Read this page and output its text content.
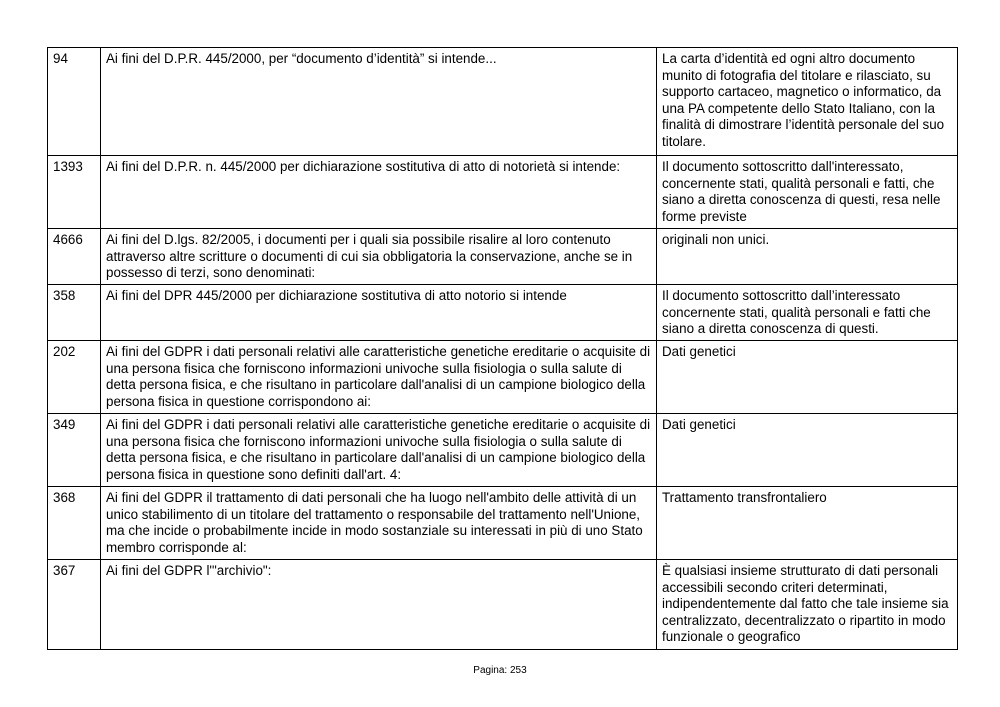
94	Ai fini del D.P.R. 445/2000, per “documento d’identità” si intende...	La carta d’identità ed ogni altro documento munito di fotografia del titolare e rilasciato, su supporto cartaceo, magnetico o informatico, da una PA competente dello Stato Italiano, con la finalità di dimostrare l’identità personale del suo titolare.
1393	Ai fini del D.P.R. n. 445/2000 per dichiarazione sostitutiva di atto di notorietà si intende:	Il documento sottoscritto dall'interessato, concernente stati, qualità personali e fatti, che siano a diretta conoscenza di questi, resa nelle forme previste
4666	Ai fini del D.lgs. 82/2005, i documenti per i quali sia possibile risalire al loro contenuto attraverso altre scritture o documenti di cui sia obbligatoria la conservazione, anche se in possesso di terzi, sono denominati:	originali non unici.
358	Ai fini del DPR 445/2000 per dichiarazione sostitutiva di atto notorio si intende	Il documento sottoscritto dall’interessato concernente stati, qualità personali e fatti che siano a diretta conoscenza di questi.
202	Ai fini del GDPR i dati personali relativi alle caratteristiche genetiche ereditarie o acquisite di una persona fisica che forniscono informazioni univoche sulla fisiologia o sulla salute di detta persona fisica, e che risultano in particolare dall'analisi di un campione biologico della persona fisica in questione corrispondono ai:	Dati genetici
349	Ai fini del GDPR i dati personali relativi alle caratteristiche genetiche ereditarie o acquisite di una persona fisica che forniscono informazioni univoche sulla fisiologia o sulla salute di detta persona fisica, e che risultano in particolare dall'analisi di un campione biologico della persona fisica in questione sono definiti dall'art. 4:	Dati genetici
368	Ai fini del GDPR il trattamento di dati personali che ha luogo nell'ambito delle attività di un unico stabilimento di un titolare del trattamento o responsabile del trattamento nell'Unione, ma che incide o probabilmente incide in modo sostanziale su interessati in più di uno Stato membro corrisponde al:	Trattamento transfrontaliero
367	Ai fini del GDPR l'"archivio":	È qualsiasi insieme strutturato di dati personali accessibili secondo criteri determinati, indipendentemente dal fatto che tale insieme sia centralizzato, decentralizzato o ripartito in modo funzionale o geografico
Pagina: 253
